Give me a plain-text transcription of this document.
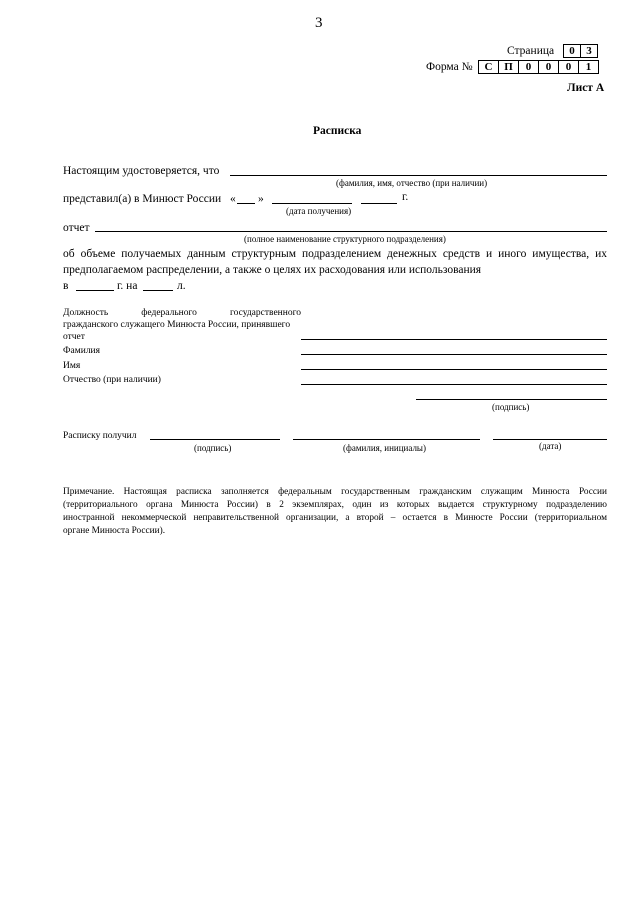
3
Страница	0	3
Форма №	С	П	0	0	0	1
Лист А
Расписка
Настоящим удостоверяется, что
(фамилия, имя, отчество (при наличии)
представил(а) в Минюст России « »	г.
(дата получения)
отчет
(полное наименование структурного подразделения)
об объеме получаемых данным структурным подразделением денежных средств и иного имущества, их
предполагаемом распределении, а также о целях их расходования или использования
в	г. на	л.
Должность федерального государственного
гражданского служащего Минюста России, принявшего
отчет
Фамилия
Имя
Отчество (при наличии)
(подпись)
Расписку получил
(подпись)	(фамилия, инициалы)	(дата)
Примечание. Настоящая расписка заполняется федеральным государственным гражданским служащим Минюста России
(территориального органа Минюста России) в 2 экземплярах, один из которых выдается структурному подразделению
иностранной некоммерческой неправительственной организации, а второй – остается в Минюсте России (территориальном
органе Минюста России).
